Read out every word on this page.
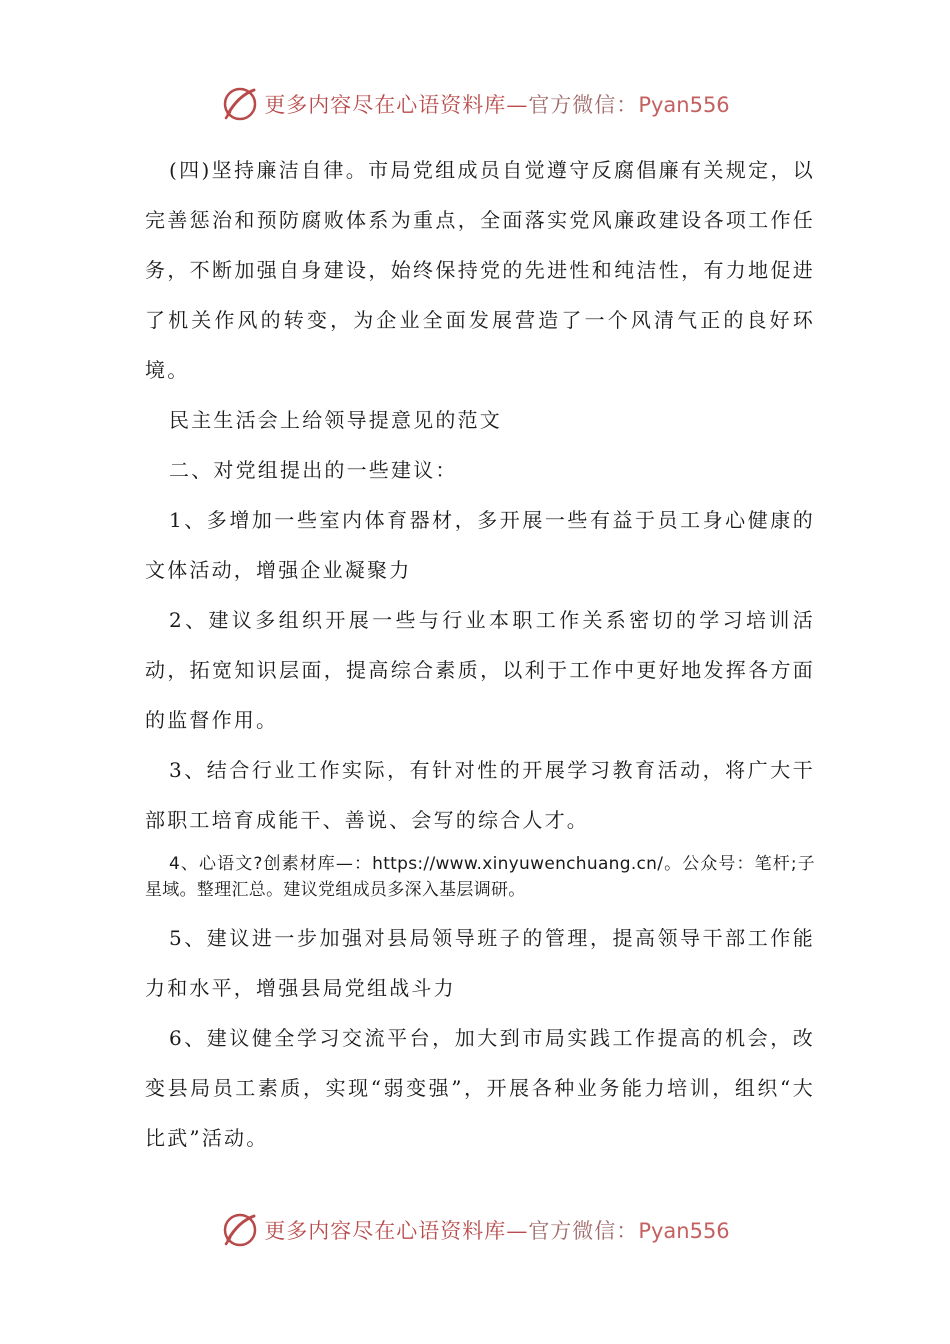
更多内容尽在心语资料库—官方微信：Pyan556

(四)坚持廉洁自律。市局党组成员自觉遵守反腐倡廉有关规定，以完善惩治和预防腐败体系为重点，全面落实党风廉政建设各项工作任务，不断加强自身建设，始终保持党的先进性和纯洁性，有力地促进了机关作风的转变，为企业全面发展营造了一个风清气正的良好环境。

民主生活会上给领导提意见的范文

二、对党组提出的一些建议：

1、多增加一些室内体育器材，多开展一些有益于员工身心健康的文体活动，增强企业凝聚力

2、建议多组织开展一些与行业本职工作关系密切的学习培训活动，拓宽知识层面，提高综合素质，以利于工作中更好地发挥各方面的监督作用。

3、结合行业工作实际，有针对性的开展学习教育活动，将广大干部职工培育成能干、善说、会写的综合人才。

4、心语文?创素材库—：https://www.xinyuwenchuang.cn/。公众号：笔杆;子星域。整理汇总。建议党组成员多深入基层调研。

5、建议进一步加强对县局领导班子的管理，提高领导干部工作能力和水平，增强县局党组战斗力

6、建议健全学习交流平台，加大到市局实践工作提高的机会，改变县局员工素质，实现“弱变强”，开展各种业务能力培训，组织“大比武”活动。

更多内容尽在心语资料库—官方微信：Pyan556
